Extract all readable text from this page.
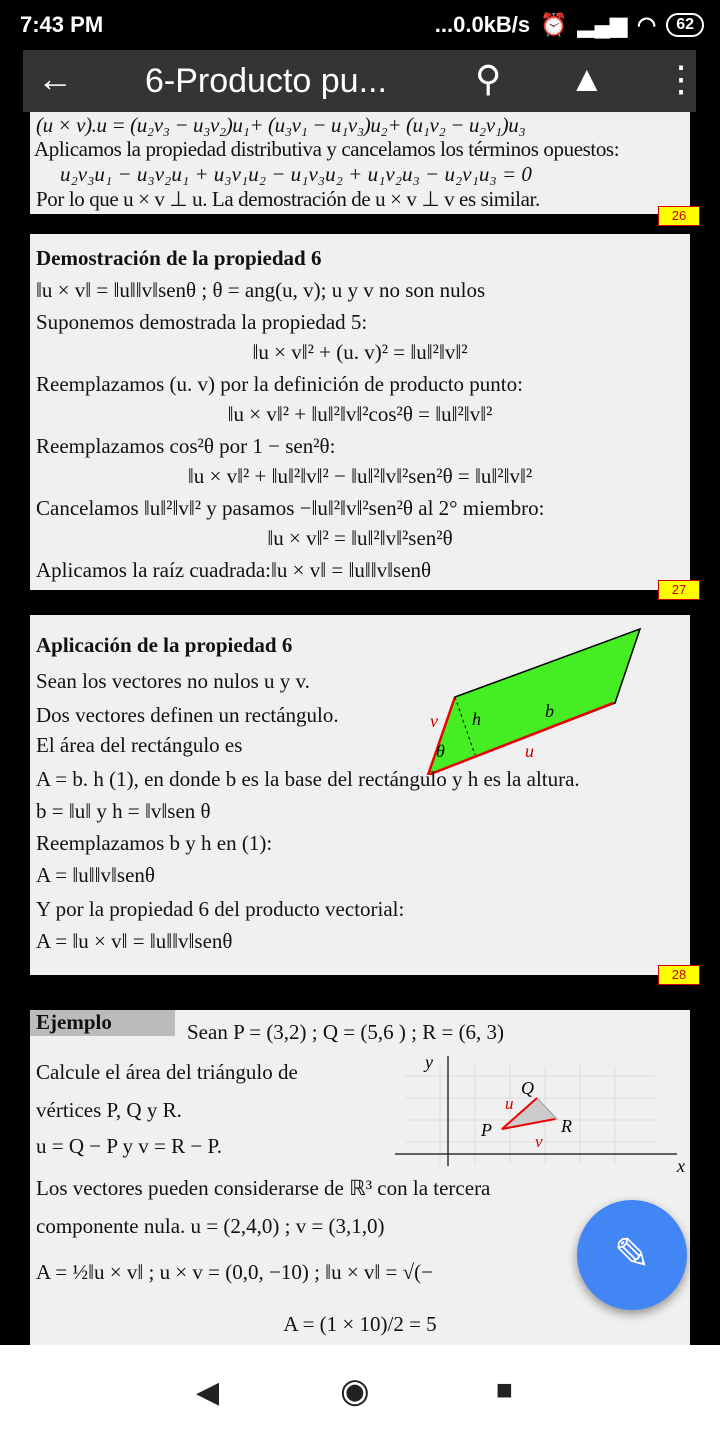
7:43 PM	...0.0kB/s ⏰ ▂▄▆ ◠	62
← 6-Producto pu... ⚲ ▲ ⋮
(u × v).u = (u₂v₃ − u₃v₂)u₁+ (u₃v₁ − u₁v₃)u₂+ (u₁v₂ − u₂v₁)u₃
Aplicamos la propiedad distributiva y cancelamos los términos opuestos:
u₂v₃u₁ − u₃v₂u₁ + u₃v₁u₂ − u₁v₃u₂ + u₁v₂u₃ − u₂v₁u₃ = 0
Por lo que u × v ⊥ u. La demostración de u × v ⊥ v es similar.
26
Demostración de la propiedad 6
‖u × v‖ = ‖u‖‖v‖senθ ; θ = ang(u, v); u y v no son nulos
Suponemos demostrada la propiedad 5:
‖u × v‖² + (u. v)² = ‖u‖²‖v‖²
Reemplazamos (u. v) por la definición de producto punto:
‖u × v‖² + ‖u‖²‖v‖²cos²θ = ‖u‖²‖v‖²
Reemplazamos cos²θ por 1 − sen²θ:
‖u × v‖² + ‖u‖²‖v‖² − ‖u‖²‖v‖²sen²θ = ‖u‖²‖v‖²
Cancelamos ‖u‖²‖v‖² y pasamos −‖u‖²‖v‖²sen²θ al 2° miembro:
‖u × v‖² = ‖u‖²‖v‖²sen²θ
Aplicamos la raíz cuadrada:‖u × v‖ = ‖u‖‖v‖senθ
27
Aplicación de la propiedad 6
Sean los vectores no nulos u y v.
Dos vectores definen un rectángulo.
El área del rectángulo es
v h	b
u
θ
A = b. h (1), en donde b es la base del rectángulo y h es la altura.
b = ‖u‖ y h = ‖v‖sen θ
Reemplazamos b y h en (1):
A = ‖u‖‖v‖senθ
Y por la propiedad 6 del producto vectorial:
A = ‖u × v‖ = ‖u‖‖v‖senθ
28
Ejemplo	Sean P = (3,2) ; Q = (5,6 ) ; R = (6, 3)
y
x
P
Q
R
u
v
Calcule el área del triángulo de
vértices P, Q y R.
u = Q − P y v = R − P.
Los vectores pueden considerarse de ℝ³ con la tercera
componente nula. u = (2,4,0) ; v = (3,1,0)
A = ½‖u × v‖ ; u × v = (0,0, −10) ; ‖u × v‖ = √(−
A = (1 × 10)/2 = 5
✎
◀	◉	■
